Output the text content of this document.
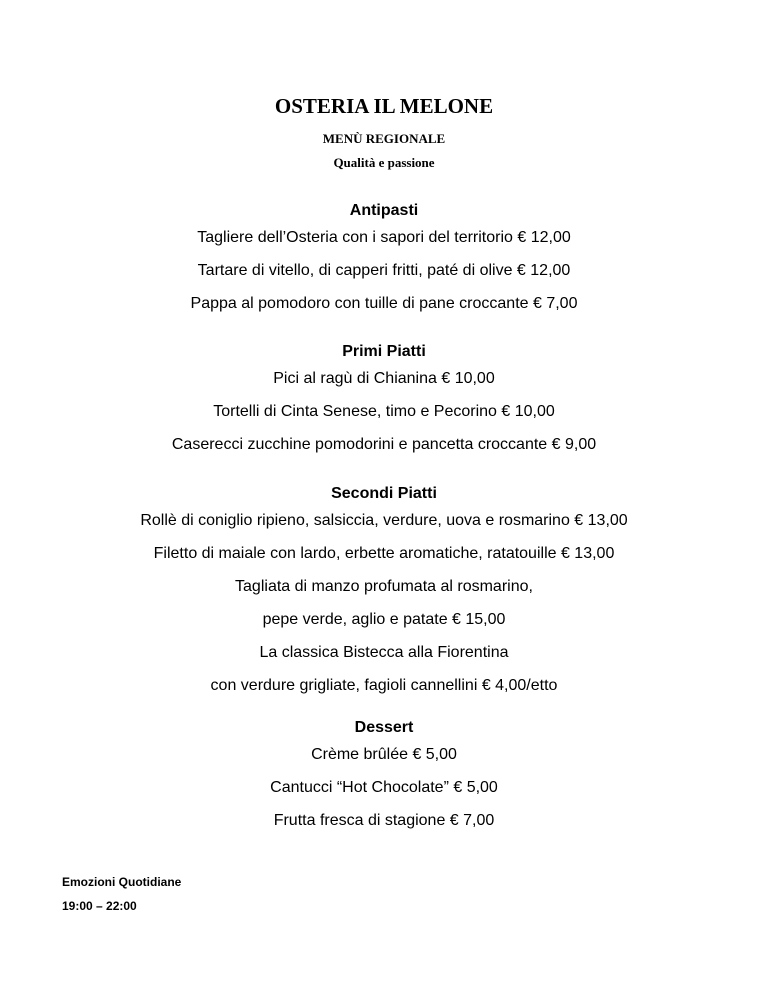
OSTERIA IL MELONE
MENÙ REGIONALE
Qualità e passione
Antipasti
Tagliere dell’Osteria con i sapori del territorio € 12,00
Tartare di vitello, di capperi fritti, paté di olive € 12,00
Pappa al pomodoro con tuille di pane croccante € 7,00
Primi Piatti
Pici al ragù di Chianina € 10,00
Tortelli di Cinta Senese, timo e Pecorino € 10,00
Caserecci zucchine pomodorini e pancetta croccante € 9,00
Secondi Piatti
Rollè di coniglio ripieno, salsiccia, verdure, uova e rosmarino € 13,00
Filetto di maiale con lardo, erbette aromatiche, ratatouille € 13,00
Tagliata di manzo profumata al rosmarino,
pepe verde, aglio e patate € 15,00
La classica Bistecca alla Fiorentina
con verdure grigliate, fagioli cannellini € 4,00/etto
Dessert
Crème brûlée € 5,00
Cantucci “Hot Chocolate” € 5,00
Frutta fresca di stagione € 7,00
Emozioni Quotidiane
19:00 – 22:00
